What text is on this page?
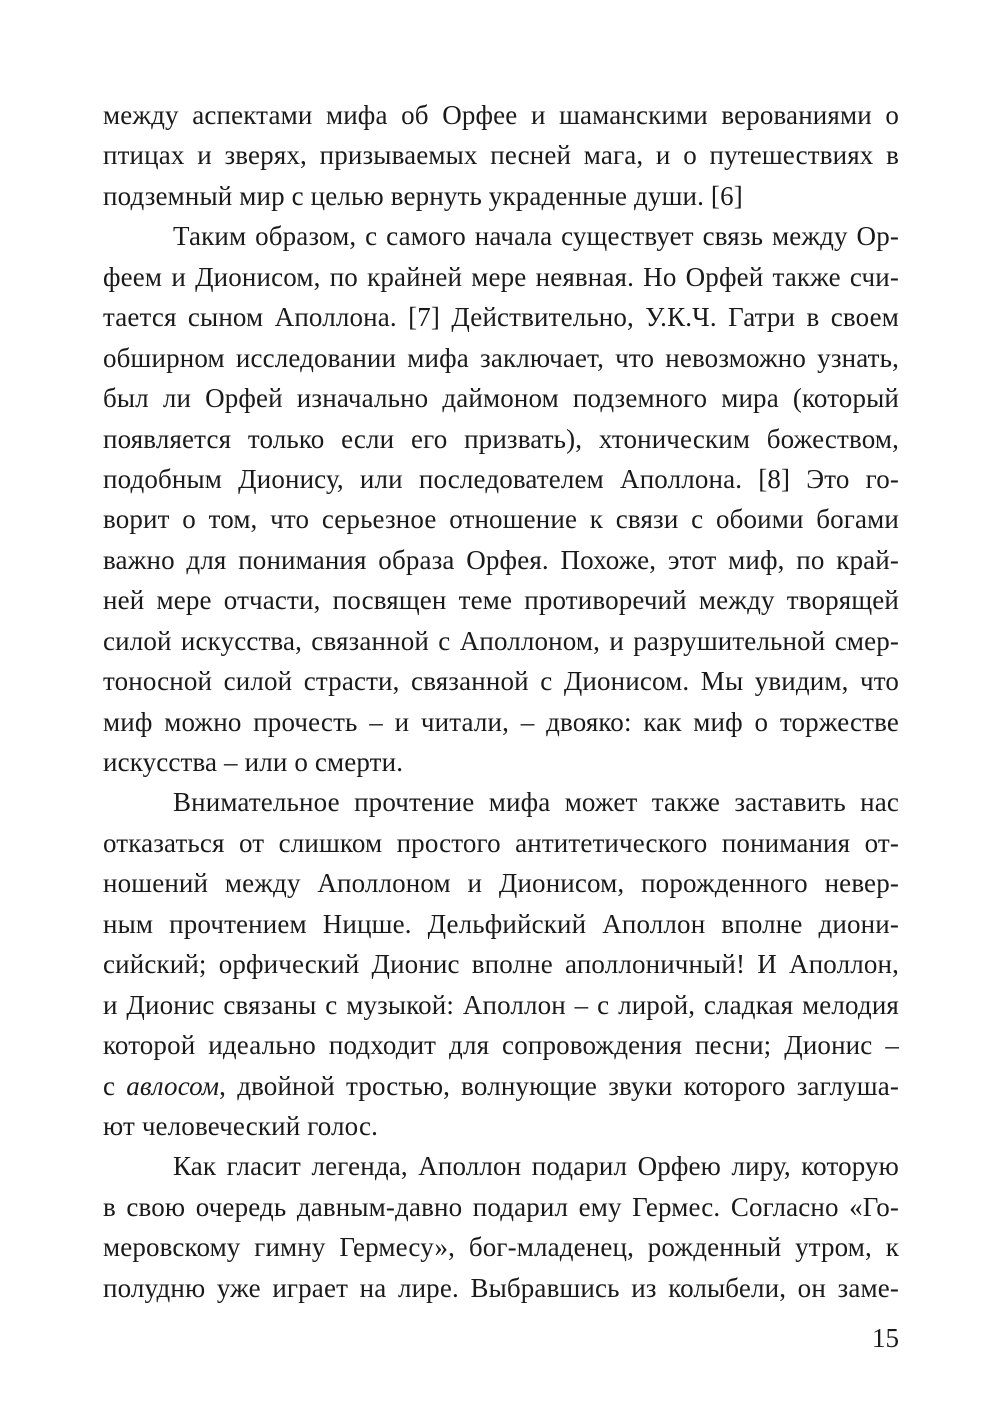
между аспектами мифа об Орфее и шаманскими верованиями о
птицах и зверях, призываемых песней мага, и о путешествиях в
подземный мир с целью вернуть украденные души. [6]
Таким образом, с самого начала существует связь между Ор-
феем и Дионисом, по крайней мере неявная. Но Орфей также счи-
тается сыном Аполлона. [7] Действительно, У.К.Ч. Гатри в своем
обширном исследовании мифа заключает, что невозможно узнать,
был ли Орфей изначально даймоном подземного мира (который
появляется только если его призвать), хтоническим божеством,
подобным Дионису, или последователем Аполлона. [8] Это го-
ворит о том, что серьезное отношение к связи с обоими богами
важно для понимания образа Орфея. Похоже, этот миф, по край-
ней мере отчасти, посвящен теме противоречий между творящей
силой искусства, связанной с Аполлоном, и разрушительной смер-
тоносной силой страсти, связанной с Дионисом. Мы увидим, что
миф можно прочесть – и читали, – двояко: как миф о торжестве
искусства – или о смерти.
Внимательное прочтение мифа может также заставить нас
отказаться от слишком простого антитетического понимания от-
ношений между Аполлоном и Дионисом, порожденного невер-
ным прочтением Ницше. Дельфийский Аполлон вполне диони-
сийский; орфический Дионис вполне аполлоничный! И Аполлон,
и Дионис связаны с музыкой: Аполлон – с лирой, сладкая мелодия
которой идеально подходит для сопровождения песни; Дионис –
с авлосом, двойной тростью, волнующие звуки которого заглуша-
ют человеческий голос.
Как гласит легенда, Аполлон подарил Орфею лиру, которую
в свою очередь давным-давно подарил ему Гермес. Согласно «Го-
меровскому гимну Гермесу», бог-младенец, рожденный утром, к
полудню уже играет на лире. Выбравшись из колыбели, он заме-
15
